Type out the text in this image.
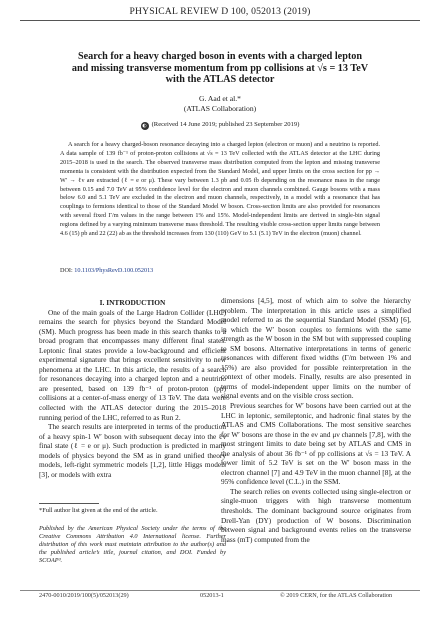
PHYSICAL REVIEW D 100, 052013 (2019)
Search for a heavy charged boson in events with a charged lepton
and missing transverse momentum from pp collisions at √s = 13 TeV
with the ATLAS detector
G. Aad et al.*
(ATLAS Collaboration)
◐ (Received 14 June 2019; published 23 September 2019)
A search for a heavy charged-boson resonance decaying into a charged lepton (electron or muon) and a neutrino is reported. A data sample of 139 fb⁻¹ of proton-proton collisions at √s = 13 TeV collected with the ATLAS detector at the LHC during 2015–2018 is used in the search. The observed transverse mass distribution computed from the lepton and missing transverse momenta is consistent with the distribution expected from the Standard Model, and upper limits on the cross section for pp → W′ → ℓν are extracted (ℓ = e or μ). These vary between 1.3 pb and 0.05 fb depending on the resonance mass in the range between 0.15 and 7.0 TeV at 95% confidence level for the electron and muon channels combined. Gauge bosons with a mass below 6.0 and 5.1 TeV are excluded in the electron and muon channels, respectively, in a model with a resonance that has couplings to fermions identical to those of the Standard Model W boson. Cross-section limits are also provided for resonances with several fixed Γ/m values in the range between 1% and 15%. Model-independent limits are derived in single-bin signal regions defined by a varying minimum transverse mass threshold. The resulting visible cross-section upper limits range between 4.6 (15) pb and 22 (22) ab as the threshold increases from 130 (110) GeV to 5.1 (5.1) TeV in the electron (muon) channel.
DOI: 10.1103/PhysRevD.100.052013

I. INTRODUCTION

One of the main goals of the Large Hadron Collider (LHC) remains the search for physics beyond the Standard Model (SM). Much progress has been made in this search thanks to a broad program that encompasses many different final states. Leptonic final states provide a low-background and efficient experimental signature that brings excellent sensitivity to new phenomena at the LHC. In this article, the results of a search for resonances decaying into a charged lepton and a neutrino are presented, based on 139 fb⁻¹ of proton-proton (pp) collisions at a center-of-mass energy of 13 TeV. The data were collected with the ATLAS detector during the 2015–2018 running period of the LHC, referred to as Run 2.

The search results are interpreted in terms of the production of a heavy spin-1 W′ boson with subsequent decay into the ℓν final state (ℓ = e or μ). Such production is predicted in many models of physics beyond the SM as in grand unified theory models, left-right symmetric models [1,2], little Higgs models [3], or models with extra

*Full author list given at the end of the article.
Published by the American Physical Society under the terms of the Creative Commons Attribution 4.0 International license. Further distribution of this work must maintain attribution to the author(s) and the published article’s title, journal citation, and DOI. Funded by SCOAP³.

dimensions [4,5], most of which aim to solve the hierarchy problem. The interpretation in this article uses a simplified model referred to as the sequential Standard Model (SSM) [6], in which the W′ boson couples to fermions with the same strength as the W boson in the SM but with suppressed coupling to SM bosons. Alternative interpretations in terms of generic resonances with different fixed widths (Γ/m between 1% and 15%) are also provided for possible reinterpretation in the context of other models. Finally, results are also presented in terms of model-independent upper limits on the number of signal events and on the visible cross section.

Previous searches for W′ bosons have been carried out at the LHC in leptonic, semileptonic, and hadronic final states by the ATLAS and CMS Collaborations. The most sensitive searches for W′ bosons are those in the eν and μν channels [7,8], with the most stringent limits to date being set by ATLAS and CMS in the analysis of about 36 fb⁻¹ of pp collisions at √s = 13 TeV. A lower limit of 5.2 TeV is set on the W′ boson mass in the electron channel [7] and 4.9 TeV in the muon channel [8], at the 95% confidence level (C.L.) in the SSM.

The search relies on events collected using single-electron or single-muon triggers with high transverse momentum thresholds. The dominant background source originates from Drell-Yan (DY) production of W bosons. Discrimination between signal and background events relies on the transverse mass (mT) computed from the

2470-0010/2019/100(5)/052013(29)	052013-1	© 2019 CERN, for the ATLAS Collaboration
